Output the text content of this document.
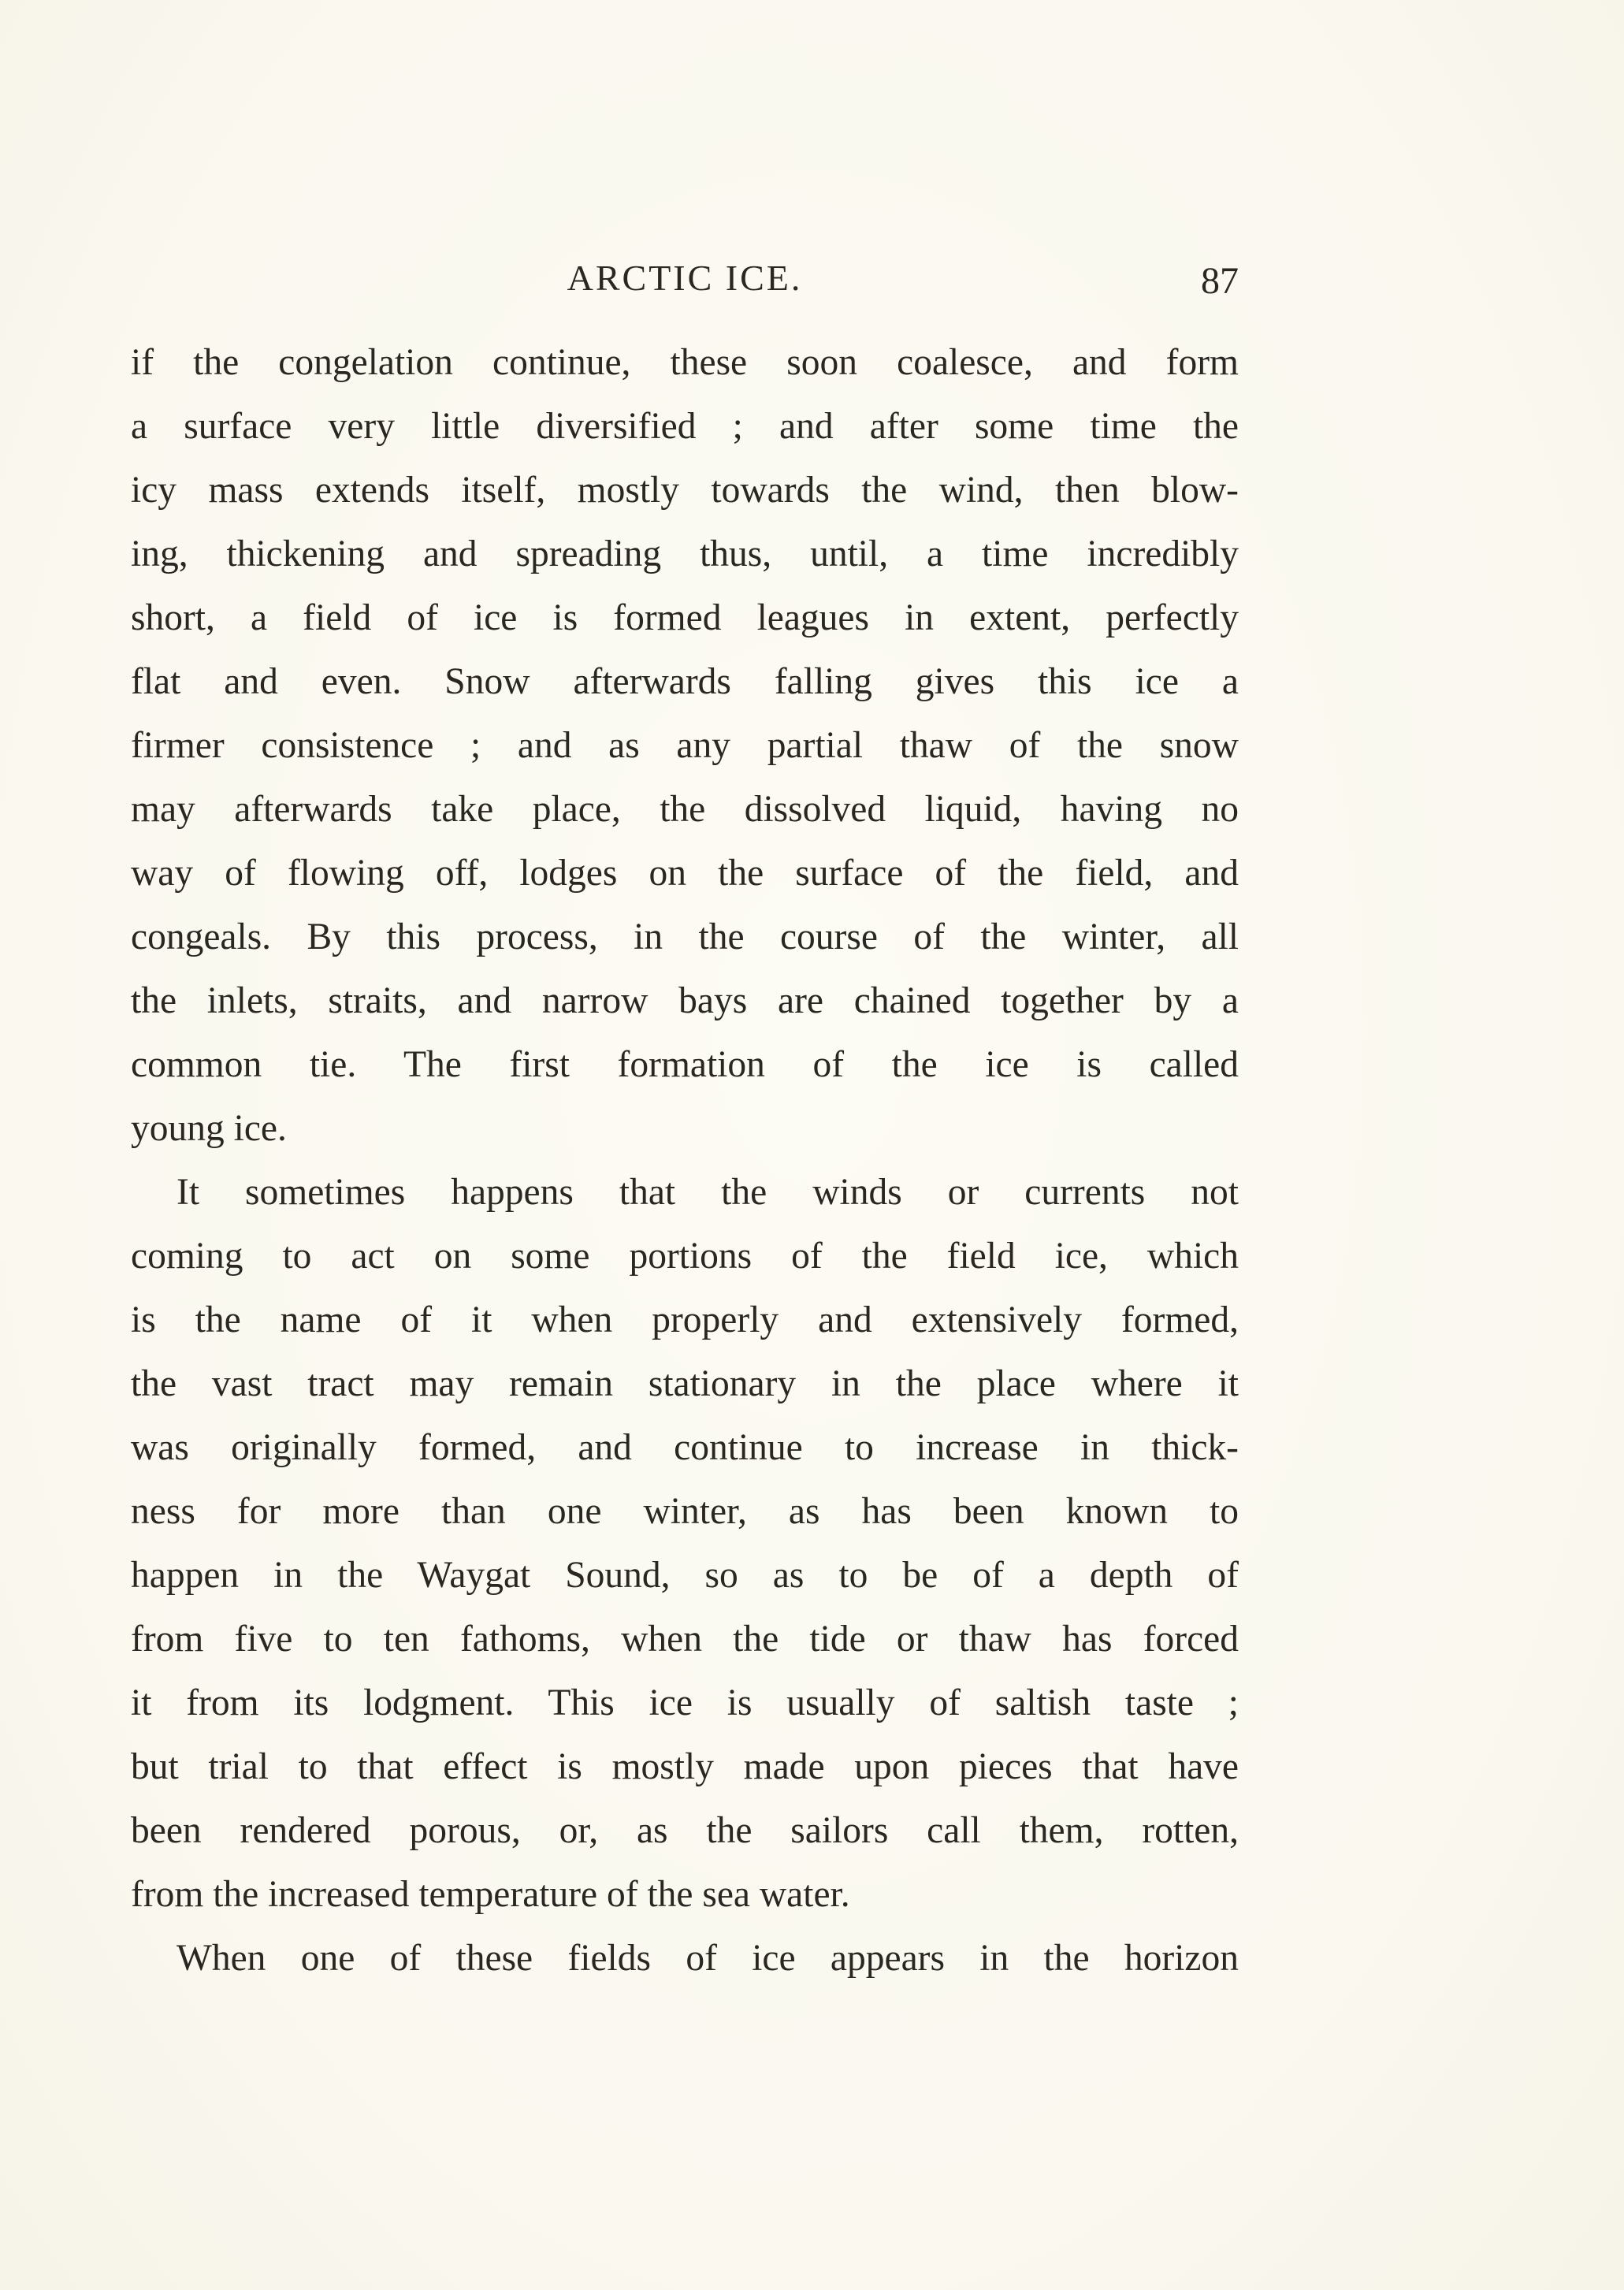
ARCTIC ICE.	87
if the congelation continue, these soon coalesce, and form
a surface very little diversified ; and after some time the
icy mass extends itself, mostly towards the wind, then blow-
ing, thickening and spreading thus, until, a time incredibly
short, a field of ice is formed leagues in extent, perfectly
flat and even. Snow afterwards falling gives this ice a
firmer consistence ; and as any partial thaw of the snow
may afterwards take place, the dissolved liquid, having no
way of flowing off, lodges on the surface of the field, and
congeals. By this process, in the course of the winter, all
the inlets, straits, and narrow bays are chained together by a
common tie. The first formation of the ice is called
young ice.
It sometimes happens that the winds or currents not
coming to act on some portions of the field ice, which
is the name of it when properly and extensively formed,
the vast tract may remain stationary in the place where it
was originally formed, and continue to increase in thick-
ness for more than one winter, as has been known to
happen in the Waygat Sound, so as to be of a depth of
from five to ten fathoms, when the tide or thaw has forced
it from its lodgment. This ice is usually of saltish taste ;
but trial to that effect is mostly made upon pieces that have
been rendered porous, or, as the sailors call them, rotten,
from the increased temperature of the sea water.
When one of these fields of ice appears in the horizon
